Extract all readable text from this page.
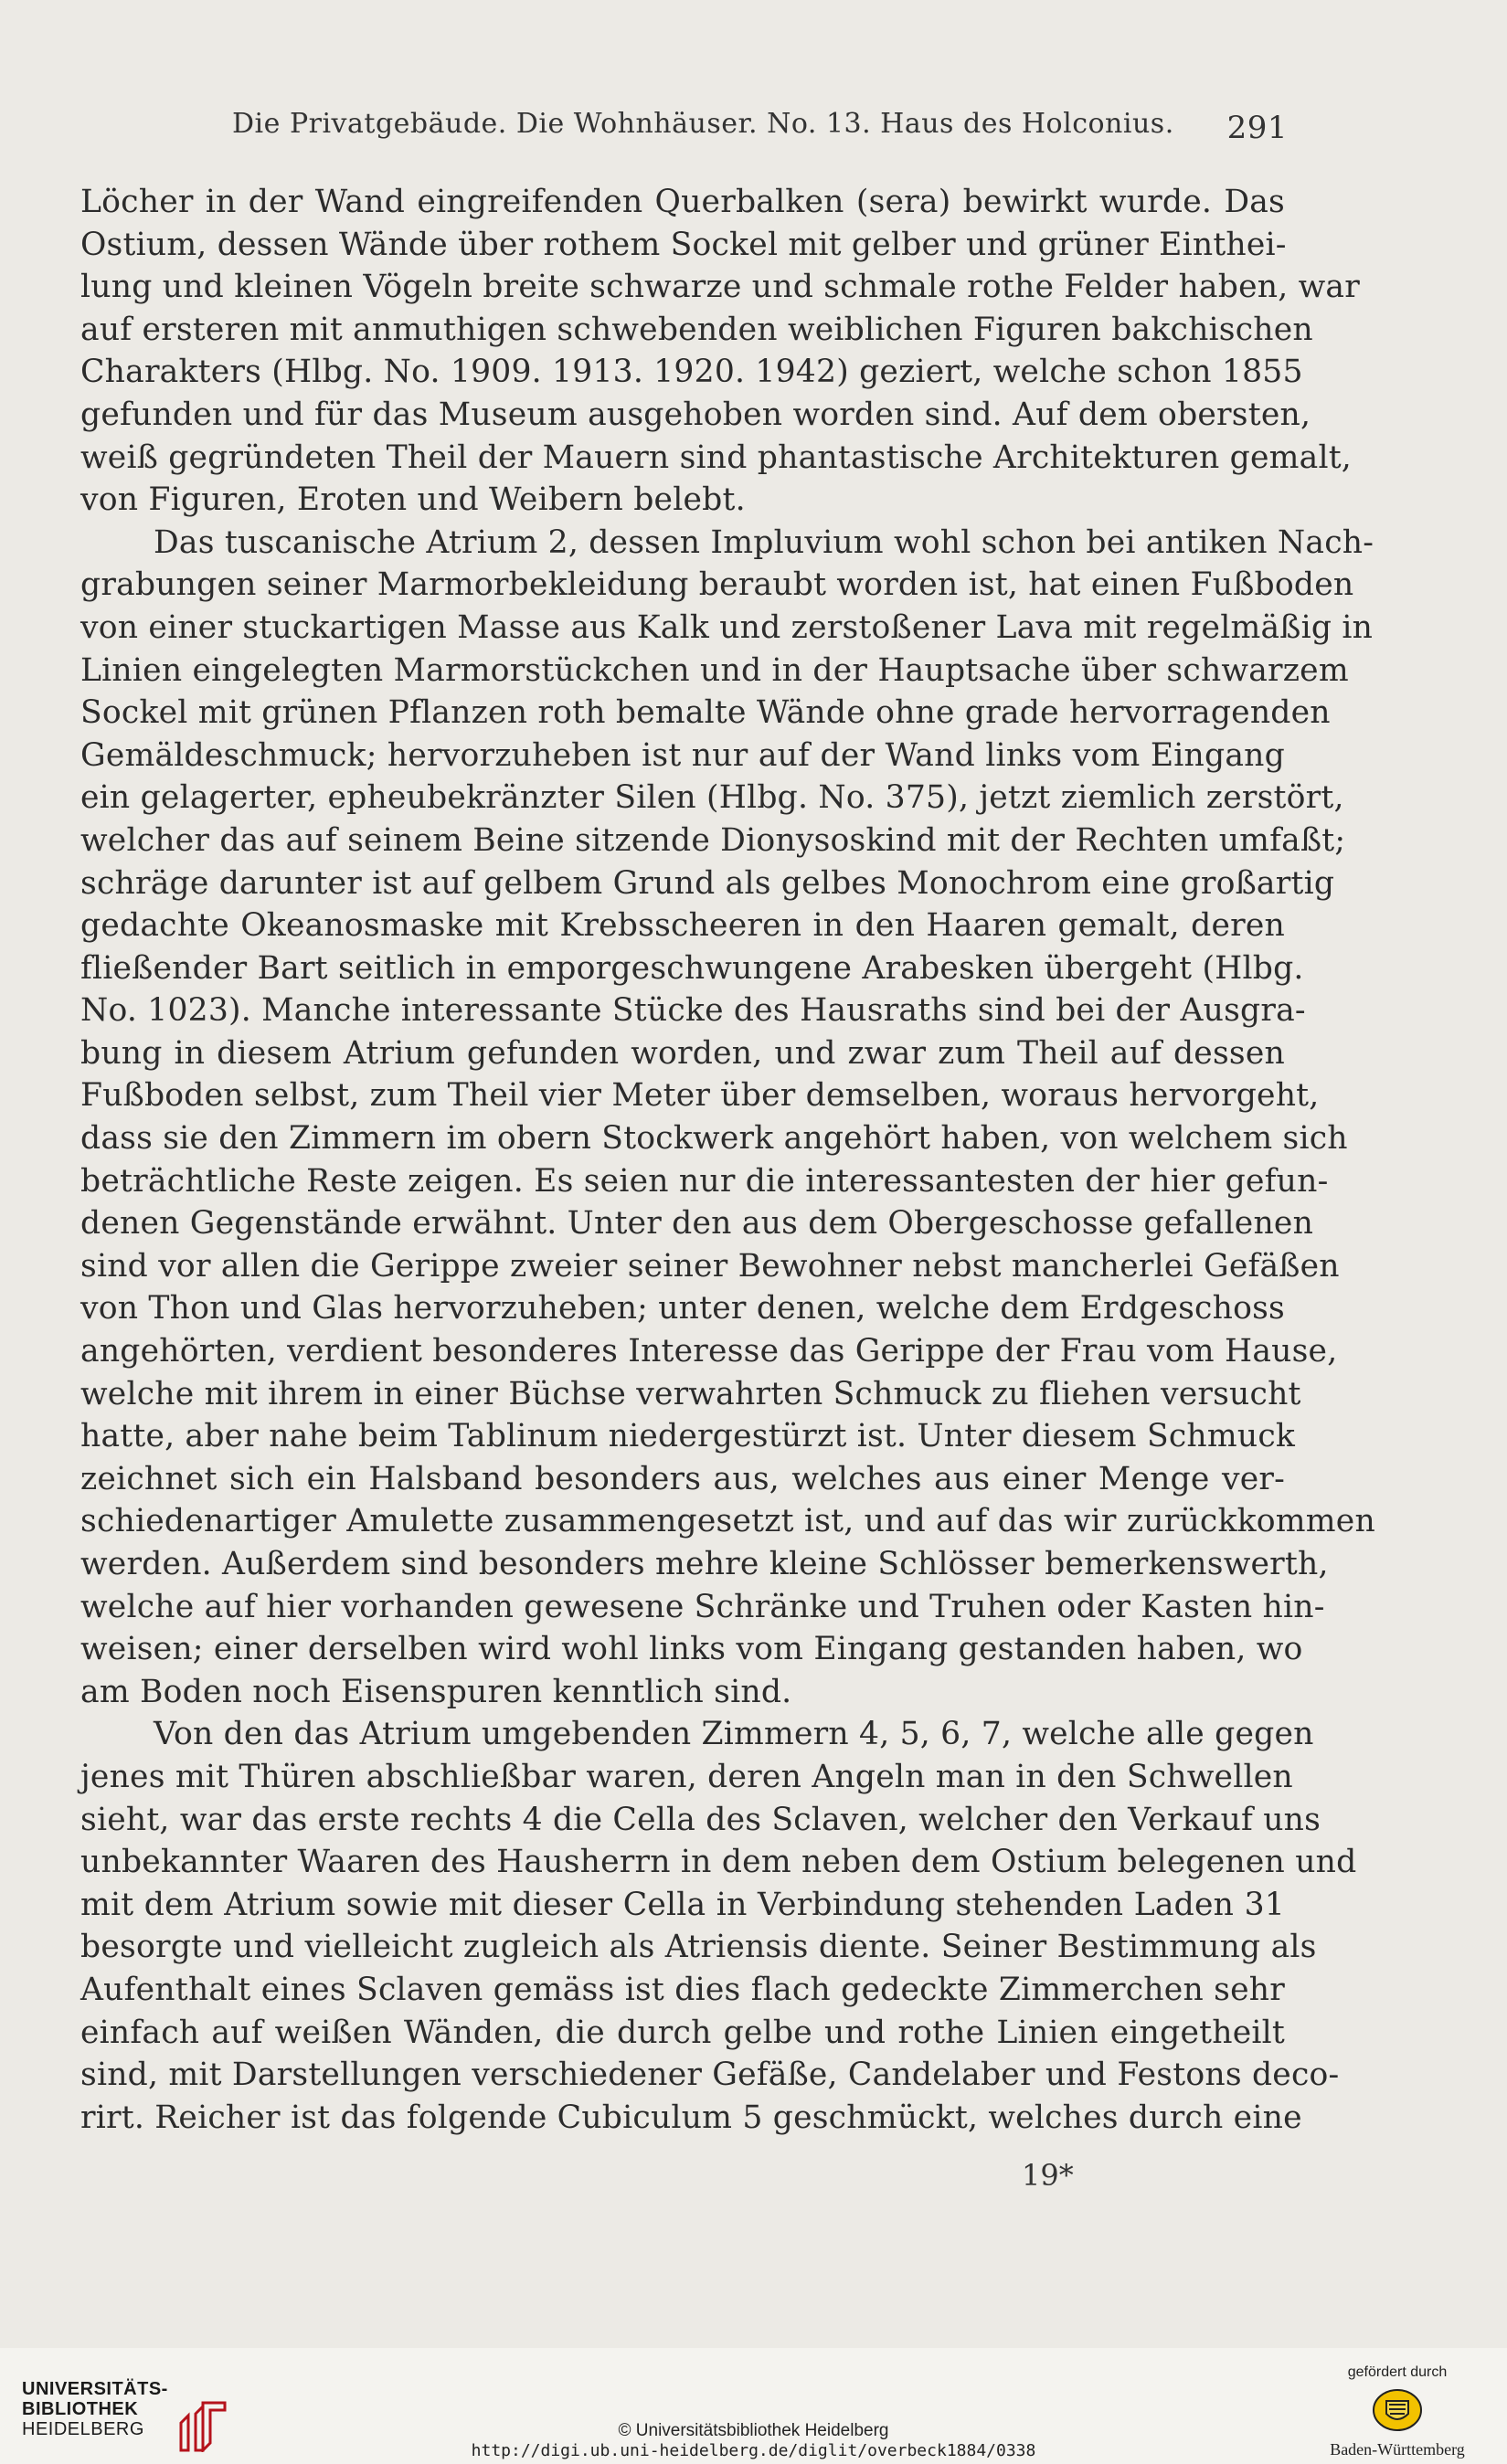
Die Privatgebäude. Die Wohnhäuser. No. 13. Haus des Holconius. 291

Löcher in der Wand eingreifenden Querbalken (sera) bewirkt wurde. Das
Ostium, dessen Wände über rothem Sockel mit gelber und grüner Einthei-
lung und kleinen Vögeln breite schwarze und schmale rothe Felder haben, war
auf ersteren mit anmuthigen schwebenden weiblichen Figuren bakchischen
Charakters (Hlbg. No. 1909. 1913. 1920. 1942) geziert, welche schon 1855
gefunden und für das Museum ausgehoben worden sind. Auf dem obersten,
weiß gegründeten Theil der Mauern sind phantastische Architekturen gemalt,
von Figuren, Eroten und Weibern belebt.

Das tuscanische Atrium 2, dessen Impluvium wohl schon bei antiken Nach-
grabungen seiner Marmorbekleidung beraubt worden ist, hat einen Fußboden
von einer stuckartigen Masse aus Kalk und zerstoßener Lava mit regelmäßig in
Linien eingelegten Marmorstückchen und in der Hauptsache über schwarzem
Sockel mit grünen Pflanzen roth bemalte Wände ohne grade hervorragenden
Gemäldeschmuck; hervorzuheben ist nur auf der Wand links vom Eingang
ein gelagerter, epheubekränzter Silen (Hlbg. No. 375), jetzt ziemlich zerstört,
welcher das auf seinem Beine sitzende Dionysoskind mit der Rechten umfaßt;
schräge darunter ist auf gelbem Grund als gelbes Monochrom eine großartig
gedachte Okeanosmaske mit Krebsscheeren in den Haaren gemalt, deren
fließender Bart seitlich in emporgeschwungene Arabesken übergeht (Hlbg.
No. 1023). Manche interessante Stücke des Hausraths sind bei der Ausgra-
bung in diesem Atrium gefunden worden, und zwar zum Theil auf dessen
Fußboden selbst, zum Theil vier Meter über demselben, woraus hervorgeht,
dass sie den Zimmern im obern Stockwerk angehört haben, von welchem sich
beträchtliche Reste zeigen. Es seien nur die interessantesten der hier gefun-
denen Gegenstände erwähnt. Unter den aus dem Obergeschosse gefallenen
sind vor allen die Gerippe zweier seiner Bewohner nebst mancherlei Gefäßen
von Thon und Glas hervorzuheben; unter denen, welche dem Erdgeschoss
angehörten, verdient besonderes Interesse das Gerippe der Frau vom Hause,
welche mit ihrem in einer Büchse verwahrten Schmuck zu fliehen versucht
hatte, aber nahe beim Tablinum niedergestürzt ist. Unter diesem Schmuck
zeichnet sich ein Halsband besonders aus, welches aus einer Menge ver-
schiedenartiger Amulette zusammengesetzt ist, und auf das wir zurückkommen
werden. Außerdem sind besonders mehre kleine Schlösser bemerkenswerth,
welche auf hier vorhanden gewesene Schränke und Truhen oder Kasten hin-
weisen; einer derselben wird wohl links vom Eingang gestanden haben, wo
am Boden noch Eisenspuren kenntlich sind.

Von den das Atrium umgebenden Zimmern 4, 5, 6, 7, welche alle gegen
jenes mit Thüren abschließbar waren, deren Angeln man in den Schwellen
sieht, war das erste rechts 4 die Cella des Sclaven, welcher den Verkauf uns
unbekannter Waaren des Hausherrn in dem neben dem Ostium belegenen und
mit dem Atrium sowie mit dieser Cella in Verbindung stehenden Laden 31
besorgte und vielleicht zugleich als Atriensis diente. Seiner Bestimmung als
Aufenthalt eines Sclaven gemäss ist dies flach gedeckte Zimmerchen sehr
einfach auf weißen Wänden, die durch gelbe und rothe Linien eingetheilt
sind, mit Darstellungen verschiedener Gefäße, Candelaber und Festons deco-
rirt. Reicher ist das folgende Cubiculum 5 geschmückt, welches durch eine

19*
UNIVERSITÄTS-
BIBLIOTHEK
HEIDELBERG	© Universitätsbibliothek Heidelberg
http://digi.ub.uni-heidelberg.de/diglit/overbeck1884/0338
gefördert durch
Baden-Württemberg
